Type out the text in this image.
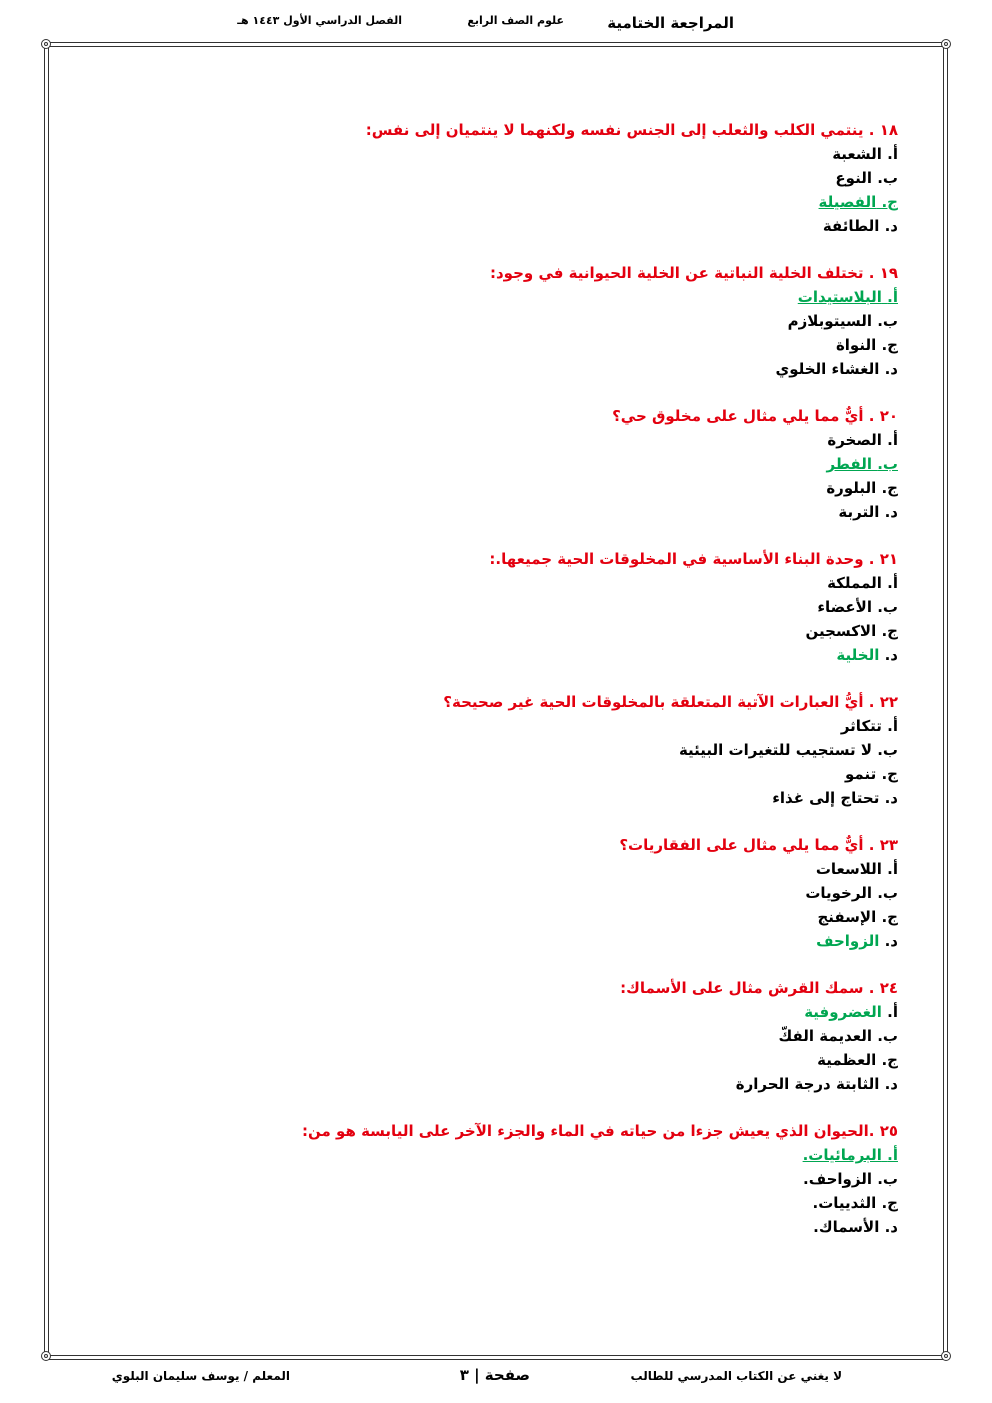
المراجعة الختامية
علوم الصف الرابع
الفصل الدراسي الأول ١٤٤٣ هـ
١٨ . ينتمي الكلب والثعلب إلى الجنس نفسه ولكنهما لا ينتميان إلى نفس:
أ. الشعبة
ب. النوع
ج. الفصيلة
د. الطائفة
١٩ . تختلف الخلية النباتية عن الخلية الحيوانية في وجود:
أ. البلاستيدات
ب. السيتوبلازم
ج. النواة
د. الغشاء الخلوي
٢٠ . أيٌّ مما يلي مثال على مخلوق حي؟
أ. الصخرة
ب. الفطر
ج. البلورة
د. التربة
٢١ . وحدة البناء الأساسية في المخلوقات الحية جميعها.:
أ. المملكة
ب. الأعضاء
ج. الاكسجين
د. الخلية
٢٢ . أيُّ العبارات الآتية المتعلقة بالمخلوقات الحية غير صحيحة؟
أ. تتكاثر
ب. لا تستجيب للتغيرات البيئية
ج. تنمو
د. تحتاج إلى غذاء
٢٣ . أيٌّ مما يلي مثال على الفقاريات؟
أ. اللاسعات
ب. الرخويات
ج. الإسفنج
د. الزواحف
٢٤ . سمك القرش مثال على الأسماك:
أ. الغضروفية
ب. العديمة الفكّ
ج. العظمية
د. الثابتة درجة الحرارة
٢٥ .الحيوان الذي يعيش جزءا من حياته في الماء والجزء الآخر على اليابسة هو من:
أ. البرمائيات.
ب. الزواحف.
ج. الثدييات.
د. الأسماك.
لا يغني عن الكتاب المدرسي للطالب
صفحة | ٣
المعلم / يوسف سليمان البلوي
